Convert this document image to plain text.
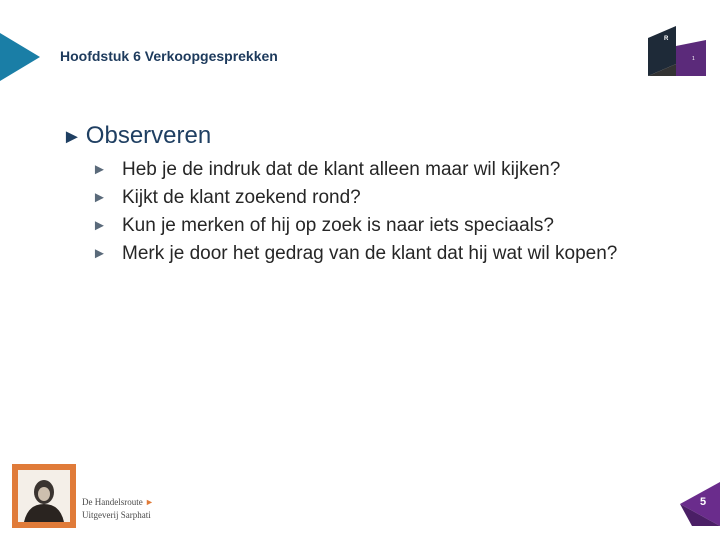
Hoofdstuk 6 Verkoopgesprekken
R
1
► Observeren
► Heb je de indruk dat de klant alleen maar wil kijken?
► Kijkt de klant zoekend rond?
► Kun je merken of hij op zoek is naar iets speciaals?
► Merk je door het gedrag van de klant dat hij wat wil kopen?
De Handelsroute ►
Uitgeverij Sarphati
5
